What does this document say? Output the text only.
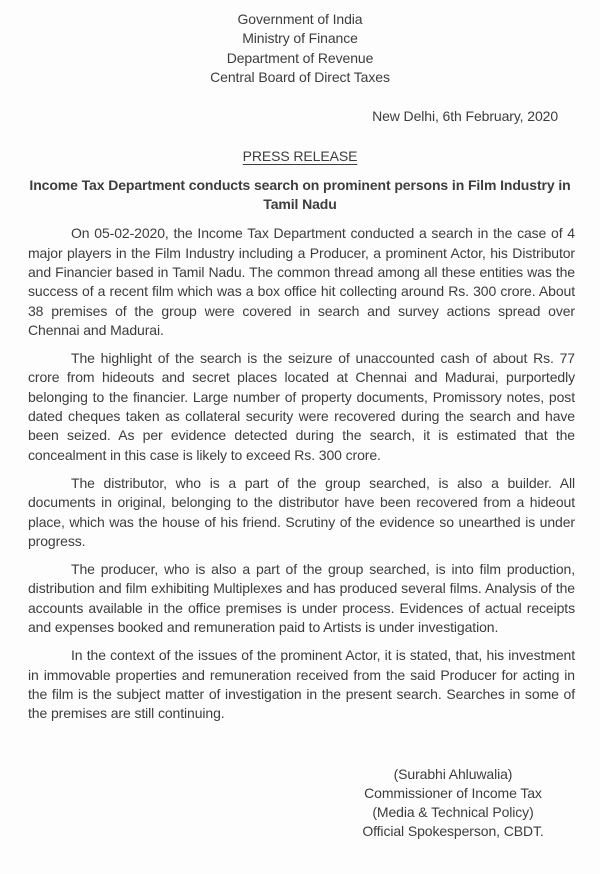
Government of India
Ministry of Finance
Department of Revenue
Central Board of Direct Taxes
New Delhi, 6th February, 2020
PRESS RELEASE
Income Tax Department conducts search on prominent persons in Film Industry in Tamil Nadu

On 05-02-2020, the Income Tax Department conducted a search in the case of 4 major players in the Film Industry including a Producer, a prominent Actor, his Distributor and Financier based in Tamil Nadu. The common thread among all these entities was the success of a recent film which was a box office hit collecting around Rs. 300 crore. About 38 premises of the group were covered in search and survey actions spread over Chennai and Madurai.

The highlight of the search is the seizure of unaccounted cash of about Rs. 77 crore from hideouts and secret places located at Chennai and Madurai, purportedly belonging to the financier. Large number of property documents, Promissory notes, post dated cheques taken as collateral security were recovered during the search and have been seized. As per evidence detected during the search, it is estimated that the concealment in this case is likely to exceed Rs. 300 crore.

The distributor, who is a part of the group searched, is also a builder. All documents in original, belonging to the distributor have been recovered from a hideout place, which was the house of his friend. Scrutiny of the evidence so unearthed is under progress.

The producer, who is also a part of the group searched, is into film production, distribution and film exhibiting Multiplexes and has produced several films. Analysis of the accounts available in the office premises is under process. Evidences of actual receipts and expenses booked and remuneration paid to Artists is under investigation.

In the context of the issues of the prominent Actor, it is stated, that, his investment in immovable properties and remuneration received from the said Producer for acting in the film is the subject matter of investigation in the present search. Searches in some of the premises are still continuing.

(Surabhi Ahluwalia)
Commissioner of Income Tax
(Media & Technical Policy)
Official Spokesperson, CBDT.
